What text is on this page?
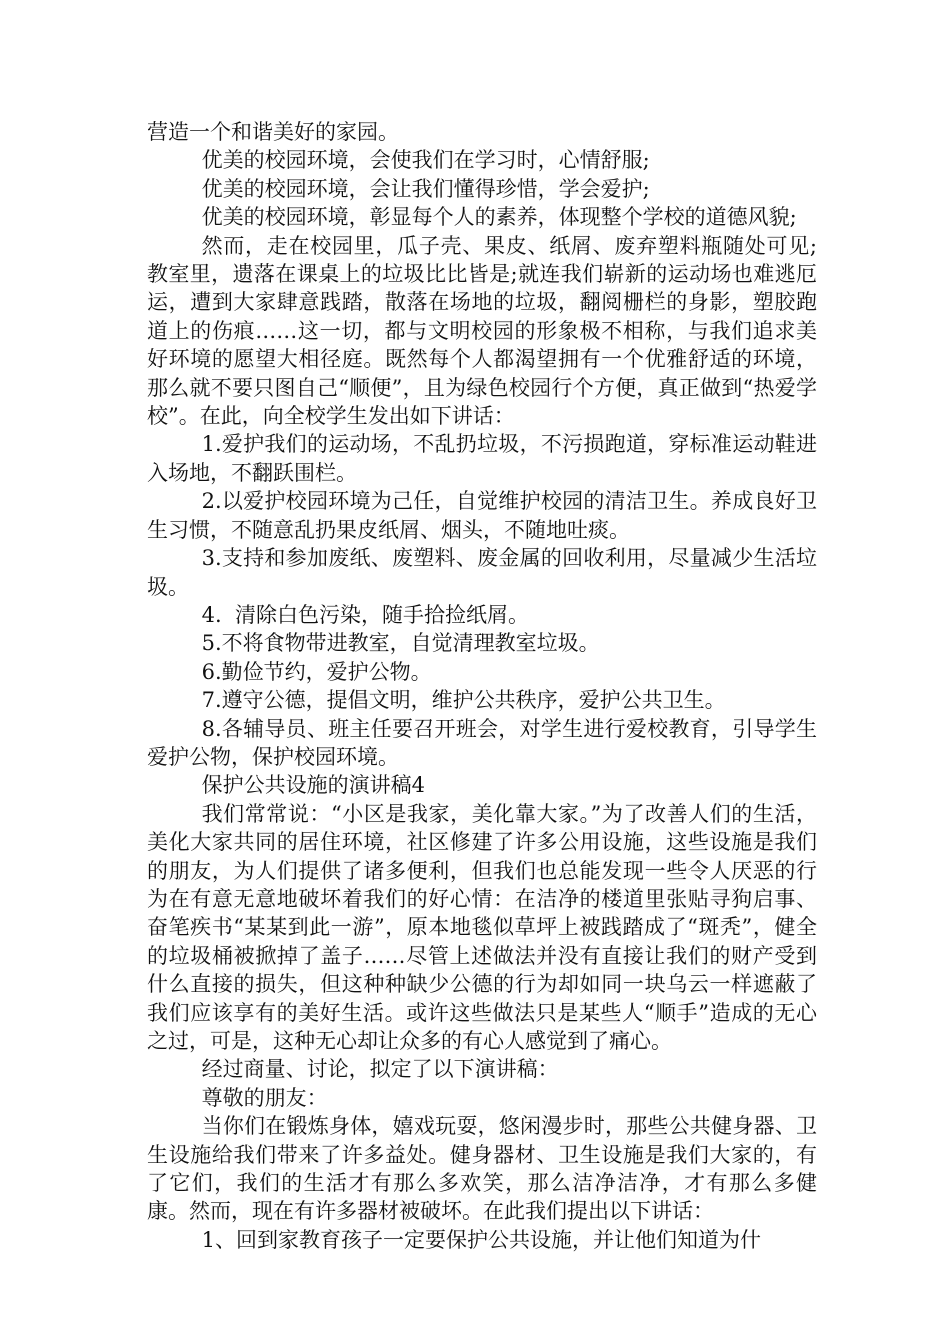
营造一个和谐美好的家园。

优美的校园环境，会使我们在学习时，心情舒服;

优美的校园环境，会让我们懂得珍惜，学会爱护;

优美的校园环境，彰显每个人的素养，体现整个学校的道德风貌;

然而，走在校园里，瓜子壳、果皮、纸屑、废弃塑料瓶随处可见;教室里，遗落在课桌上的垃圾比比皆是;就连我们崭新的运动场也难逃厄运，遭到大家肆意践踏，散落在场地的垃圾，翻阅栅栏的身影，塑胶跑道上的伤痕……这一切，都与文明校园的形象极不相称，与我们追求美好环境的愿望大相径庭。既然每个人都渴望拥有一个优雅舒适的环境，那么就不要只图自己“顺便”，且为绿色校园行个方便，真正做到“热爱学校”。在此，向全校学生发出如下讲话：

1.爱护我们的运动场，不乱扔垃圾，不污损跑道，穿标准运动鞋进入场地，不翻跃围栏。

2.以爱护校园环境为己任，自觉维护校园的清洁卫生。养成良好卫生习惯，不随意乱扔果皮纸屑、烟头，不随地吐痰。

3.支持和参加废纸、废塑料、废金属的回收利用，尽量减少生活垃圾。

4.  清除白色污染，随手拾捡纸屑。

5.不将食物带进教室，自觉清理教室垃圾。

6.勤俭节约，爱护公物。

7.遵守公德，提倡文明，维护公共秩序，爱护公共卫生。

8.各辅导员、班主任要召开班会，对学生进行爱校教育，引导学生爱护公物，保护校园环境。

保护公共设施的演讲稿4

我们常常说：“小区是我家，美化靠大家。”为了改善人们的生活，美化大家共同的居住环境，社区修建了许多公用设施，这些设施是我们的朋友，为人们提供了诸多便利，但我们也总能发现一些令人厌恶的行为在有意无意地破坏着我们的好心情：在洁净的楼道里张贴寻狗启事、奋笔疾书“某某到此一游”，原本地毯似草坪上被践踏成了“斑秃”，健全的垃圾桶被掀掉了盖子……尽管上述做法并没有直接让我们的财产受到什么直接的损失，但这种种缺少公德的行为却如同一块乌云一样遮蔽了我们应该享有的美好生活。或许这些做法只是某些人“顺手”造成的无心之过，可是，这种无心却让众多的有心人感觉到了痛心。

经过商量、讨论，拟定了以下演讲稿：

尊敬的朋友：

当你们在锻炼身体，嬉戏玩耍，悠闲漫步时，那些公共健身器、卫生设施给我们带来了许多益处。健身器材、卫生设施是我们大家的，有了它们，我们的生活才有那么多欢笑，那么洁净洁净，才有那么多健康。然而，现在有许多器材被破坏。在此我们提出以下讲话：

1、回到家教育孩子一定要保护公共设施，并让他们知道为什
